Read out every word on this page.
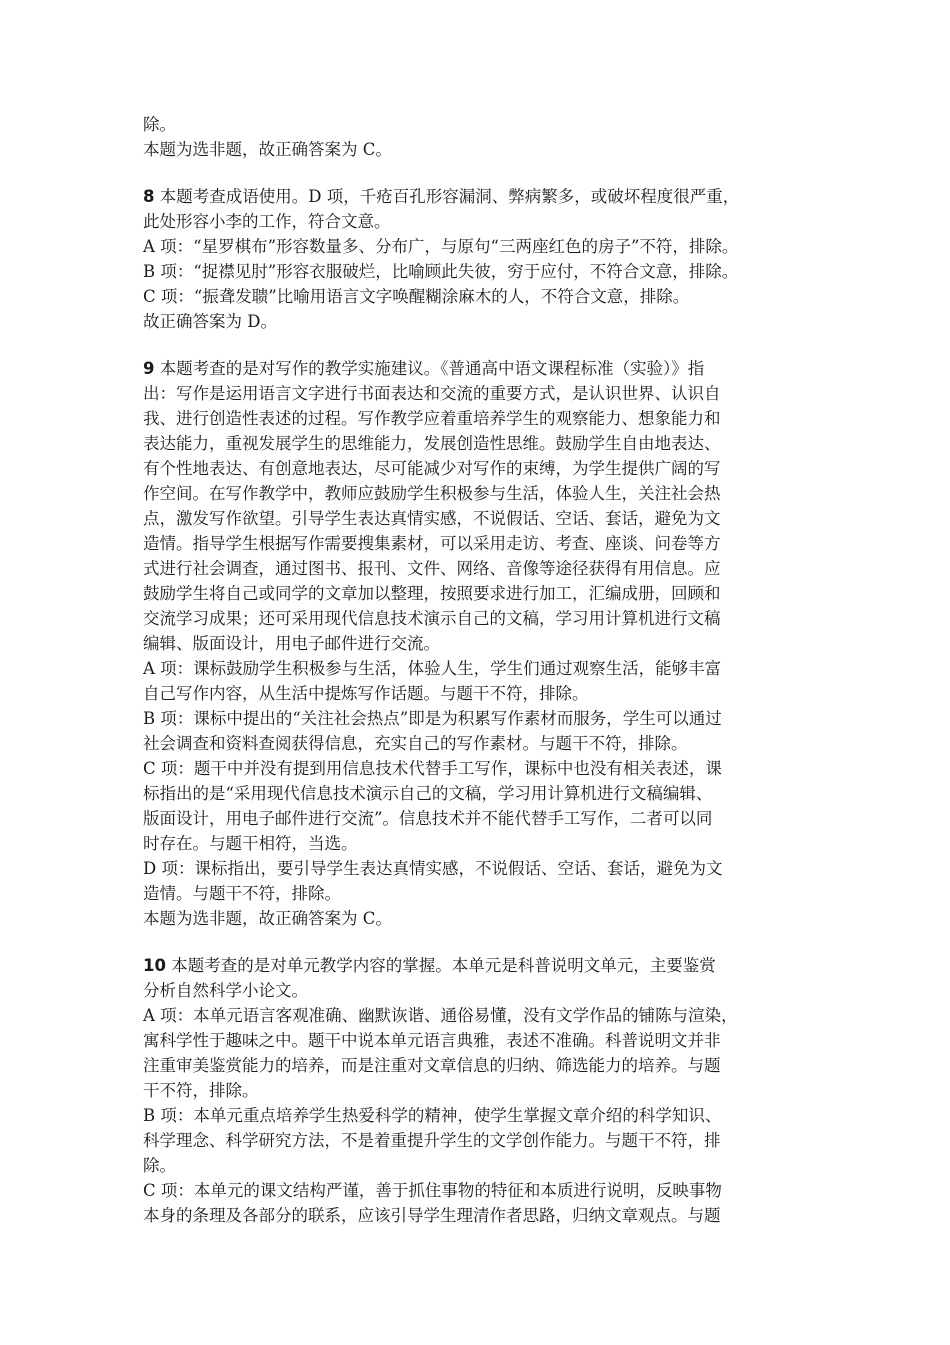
除。
本题为选非题，故正确答案为 C。
8 本题考查成语使用。D 项，千疮百孔形容漏洞、弊病繁多，或破坏程度很严重，
此处形容小李的工作，符合文意。
A 项：“星罗棋布”形容数量多、分布广，与原句“三两座红色的房子”不符，排除。
B 项：“捉襟见肘”形容衣服破烂，比喻顾此失彼，穷于应付，不符合文意，排除。
C 项：“振聋发聩”比喻用语言文字唤醒糊涂麻木的人，不符合文意，排除。
故正确答案为 D。
9 本题考查的是对写作的教学实施建议。《普通高中语文课程标准（实验）》指
出：写作是运用语言文字进行书面表达和交流的重要方式，是认识世界、认识自
我、进行创造性表述的过程。写作教学应着重培养学生的观察能力、想象能力和
表达能力，重视发展学生的思维能力，发展创造性思维。鼓励学生自由地表达、
有个性地表达、有创意地表达，尽可能减少对写作的束缚，为学生提供广阔的写
作空间。在写作教学中，教师应鼓励学生积极参与生活，体验人生，关注社会热
点，激发写作欲望。引导学生表达真情实感，不说假话、空话、套话，避免为文
造情。指导学生根据写作需要搜集素材，可以采用走访、考查、座谈、问卷等方
式进行社会调查，通过图书、报刊、文件、网络、音像等途径获得有用信息。应
鼓励学生将自己或同学的文章加以整理，按照要求进行加工，汇编成册，回顾和
交流学习成果；还可采用现代信息技术演示自己的文稿，学习用计算机进行文稿
编辑、版面设计，用电子邮件进行交流。
A 项：课标鼓励学生积极参与生活，体验人生，学生们通过观察生活，能够丰富
自己写作内容，从生活中提炼写作话题。与题干不符，排除。
B 项：课标中提出的“关注社会热点”即是为积累写作素材而服务，学生可以通过
社会调查和资料查阅获得信息，充实自己的写作素材。与题干不符，排除。
C 项：题干中并没有提到用信息技术代替手工写作，课标中也没有相关表述，课
标指出的是“采用现代信息技术演示自己的文稿，学习用计算机进行文稿编辑、
版面设计，用电子邮件进行交流”。信息技术并不能代替手工写作，二者可以同
时存在。与题干相符，当选。
D 项：课标指出，要引导学生表达真情实感，不说假话、空话、套话，避免为文
造情。与题干不符，排除。
本题为选非题，故正确答案为 C。
10 本题考查的是对单元教学内容的掌握。本单元是科普说明文单元，主要鉴赏
分析自然科学小论文。
A 项：本单元语言客观准确、幽默诙谐、通俗易懂，没有文学作品的铺陈与渲染，
寓科学性于趣味之中。题干中说本单元语言典雅，表述不准确。科普说明文并非
注重审美鉴赏能力的培养，而是注重对文章信息的归纳、筛选能力的培养。与题
干不符，排除。
B 项：本单元重点培养学生热爱科学的精神，使学生掌握文章介绍的科学知识、
科学理念、科学研究方法，不是着重提升学生的文学创作能力。与题干不符，排
除。
C 项：本单元的课文结构严谨，善于抓住事物的特征和本质进行说明，反映事物
本身的条理及各部分的联系，应该引导学生理清作者思路，归纳文章观点。与题
